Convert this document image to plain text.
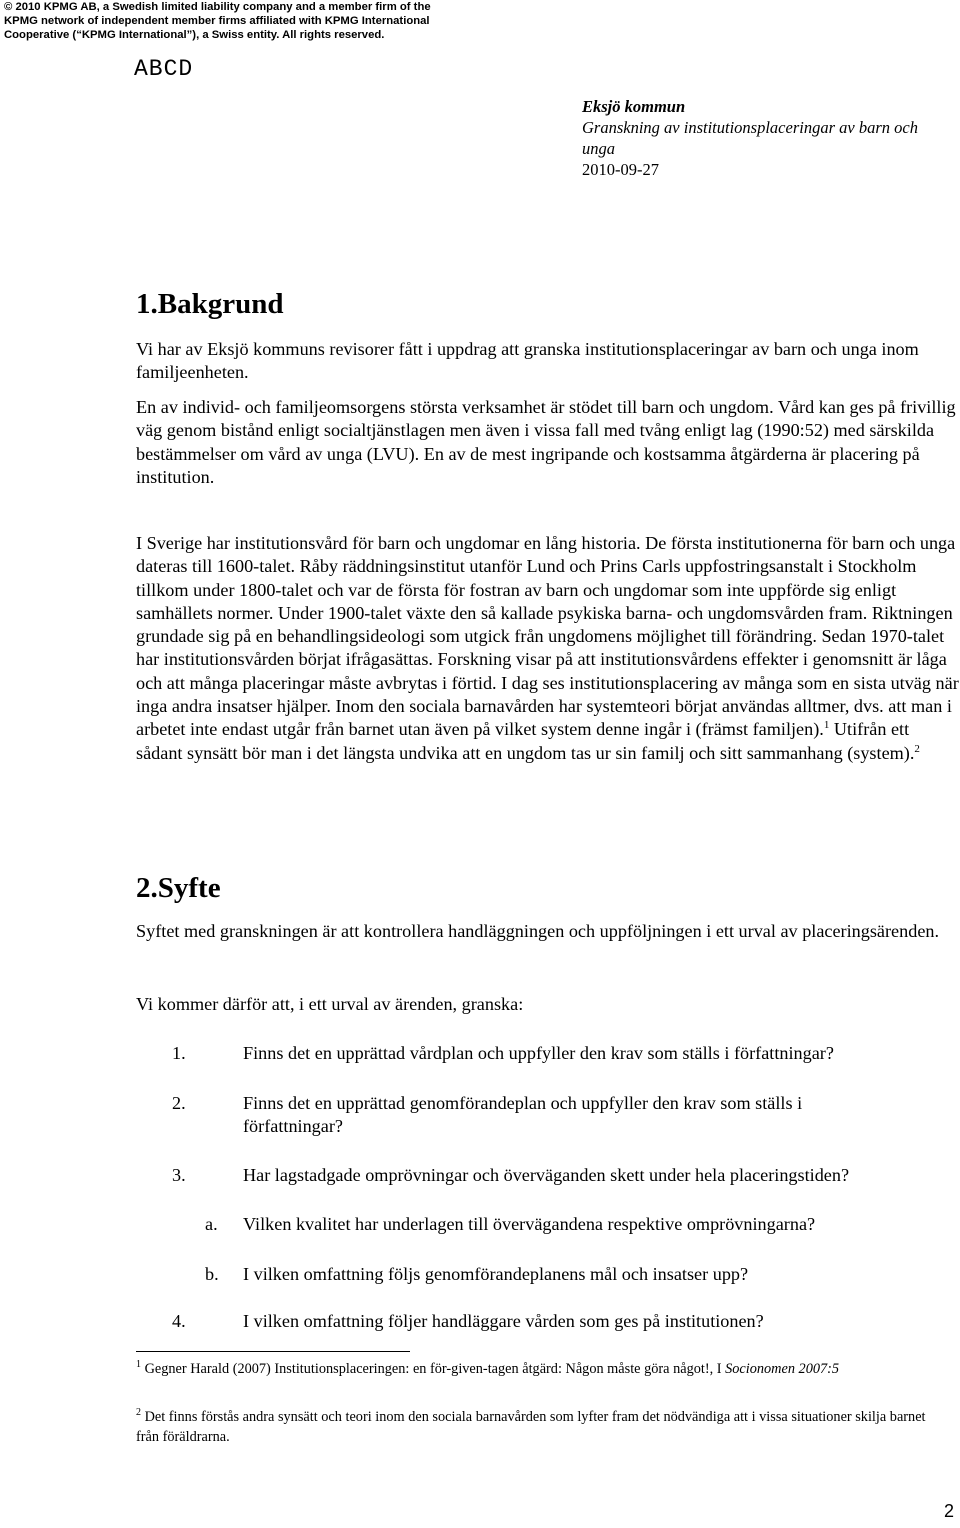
© 2010 KPMG AB, a Swedish limited liability company and a member firm of the KPMG network of independent member firms affiliated with KPMG International Cooperative (“KPMG International”), a Swiss entity. All rights reserved.
ABCD
Eksjö kommun
Granskning av institutionsplaceringar av barn och unga
2010-09-27
1.Bakgrund
Vi har av Eksjö kommuns revisorer fått i uppdrag att granska institutionsplaceringar av barn och unga inom familjeenheten.
En av individ- och familjeomsorgens största verksamhet är stödet till barn och ungdom. Vård kan ges på frivillig väg genom bistånd enligt socialtjänstlagen men även i vissa fall med tvång enligt lag (1990:52) med särskilda bestämmelser om vård av unga (LVU). En av de mest ingripande och kostsamma åtgärderna är placering på institution.
I Sverige har institutionsvård för barn och ungdomar en lång historia. De första institutionerna för barn och unga dateras till 1600-talet. Råby räddningsinstitut utanför Lund och Prins Carls uppfostringsanstalt i Stockholm tillkom under 1800-talet och var de första för fostran av barn och ungdomar som inte uppförde sig enligt samhällets normer. Under 1900-talet växte den så kallade psykiska barna- och ungdomsvården fram. Riktningen grundade sig på en behandlingsideologi som utgick från ungdomens möjlighet till förändring. Sedan 1970-talet har institutionsvården börjat ifrågasättas. Forskning visar på att institutionsvårdens effekter i genomsnitt är låga och att många placeringar måste avbrytas i förtid. I dag ses institutionsplacering av många som en sista utväg när inga andra insatser hjälper. Inom den sociala barnavården har systemteori börjat användas alltmer, dvs. att man i arbetet inte endast utgår från barnet utan även på vilket system denne ingår i (främst familjen).$^1$ Utifrån ett sådant synsätt bör man i det längsta undvika att en ungdom tas ur sin familj och sitt sammanhang (system).$^2$
2.Syfte
Syftet med granskningen är att kontrollera handläggningen och uppföljningen i ett urval av placeringsärenden.
Vi kommer därför att, i ett urval av ärenden, granska:
1.	Finns det en upprättad vårdplan och uppfyller den krav som ställs i författningar?
2.	Finns det en upprättad genomförandeplan och uppfyller den krav som ställs i författningar?
3.	Har lagstadgade omprövningar och överväganden skett under hela placeringstiden?
a.	Vilken kvalitet har underlagen till övervägandena respektive omprövningarna?
b.	I vilken omfattning följs genomförandeplanens mål och insatser upp?
4.	I vilken omfattning följer handläggare vården som ges på institutionen?
$^1$ Gegner Harald (2007) Institutionsplaceringen: en för-given-tagen åtgärd: Någon måste göra något!, I Socionomen 2007:5
$^2$ Det finns förstås andra synsätt och teori inom den sociala barnavården som lyfter fram det nödvändiga att i vissa situationer skilja barnet från föräldrarna.
2
